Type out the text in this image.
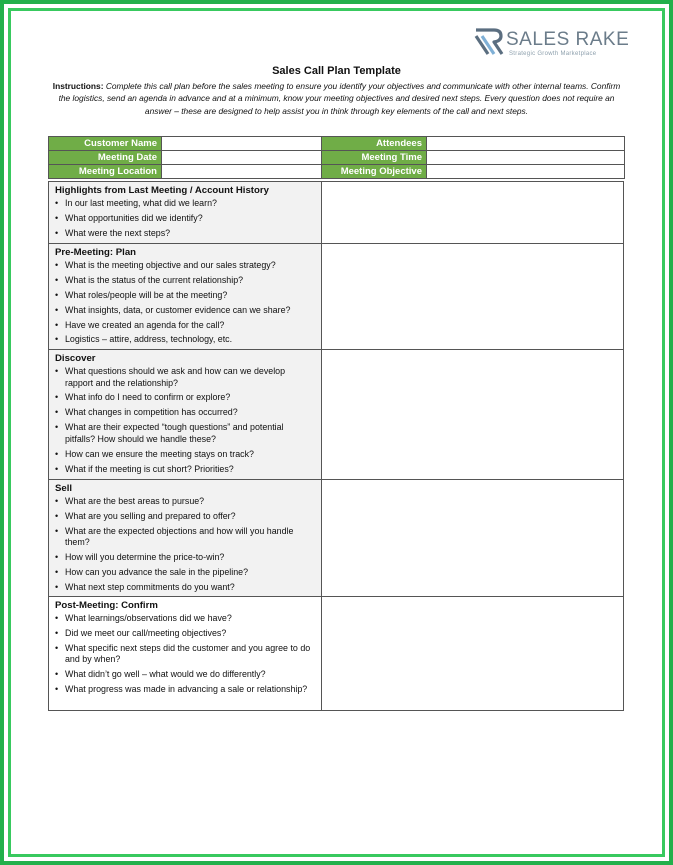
SALES RAKE
Strategic Growth Marketplace
Sales Call Plan Template
Instructions: Complete this call plan before the sales meeting to ensure you identify your objectives and communicate with other internal teams. Confirm the logistics, send an agenda in advance and at a minimum, know your meeting objectives and desired next steps. Every question does not require an answer – these are designed to help assist you in think through key elements of the call and next steps.
Customer Name		Attendees	
Meeting Date		Meeting Time	
Meeting Location		Meeting Objective	
Highlights from Last Meeting / Account History
• In our last meeting, what did we learn?
• What opportunities did we identify?
• What were the next steps?
Pre-Meeting: Plan
• What is the meeting objective and our sales strategy?
• What is the status of the current relationship?
• What roles/people will be at the meeting?
• What insights, data, or customer evidence can we share?
• Have we created an agenda for the call?
• Logistics – attire, address, technology, etc.
Discover
• What questions should we ask and how can we develop rapport and the relationship?
• What info do I need to confirm or explore?
• What changes in competition has occurred?
• What are their expected “tough questions” and potential pitfalls? How should we handle these?
• How can we ensure the meeting stays on track?
• What if the meeting is cut short? Priorities?
Sell
• What are the best areas to pursue?
• What are you selling and prepared to offer?
• What are the expected objections and how will you handle them?
• How will you determine the price-to-win?
• How can you advance the sale in the pipeline?
• What next step commitments do you want?
Post-Meeting: Confirm
• What learnings/observations did we have?
• Did we meet our call/meeting objectives?
• What specific next steps did the customer and you agree to do and by when?
• What didn’t go well – what would we do differently?
• What progress was made in advancing a sale or relationship?
